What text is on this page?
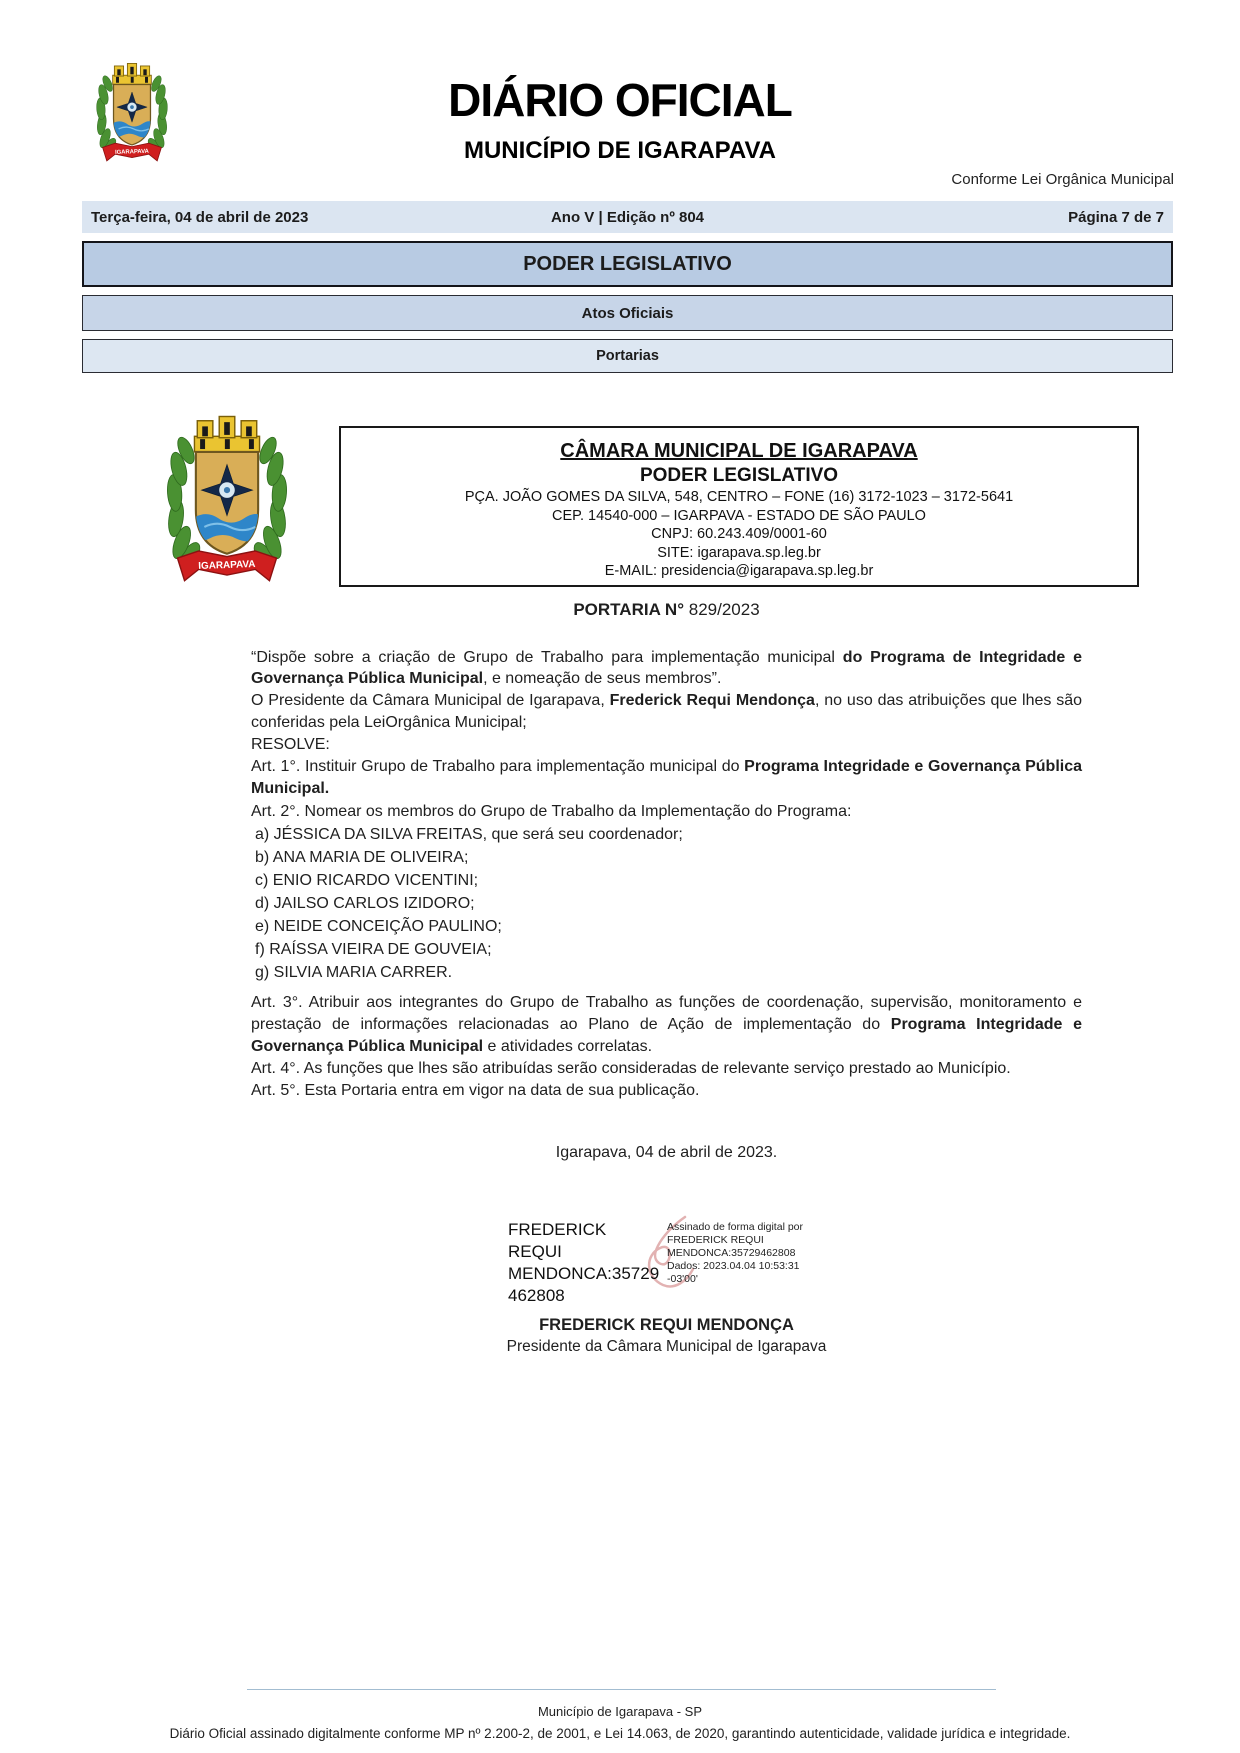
IGARAPAVA
DIÁRIO OFICIAL
MUNICÍPIO DE IGARAPAVA
Conforme Lei Orgânica Municipal
Terça-feira, 04 de abril de 2023	Ano V | Edição nº 804	Página 7 de 7
PODER LEGISLATIVO
Atos Oficiais
Portarias
IGARAPAVA
CÂMARA MUNICIPAL DE IGARAPAVA
PODER LEGISLATIVO
PÇA. JOÃO GOMES DA SILVA, 548, CENTRO – FONE (16) 3172-1023 – 3172-5641
CEP. 14540-000 – IGARPAVA - ESTADO DE SÃO PAULO
CNPJ: 60.243.409/0001-60
SITE: igarapava.sp.leg.br
E-MAIL: presidencia@igarapava.sp.leg.br
PORTARIA N° 829/2023

“Dispõe sobre a criação de Grupo de Trabalho para implementação municipal do Programa de Integridade e Governança Pública Municipal, e nomeação de seus membros”.

O Presidente da Câmara Municipal de Igarapava, Frederick Requi Mendonça, no uso das atribuições que lhes são conferidas pela LeiOrgânica Municipal;

RESOLVE:

Art. 1°. Instituir Grupo de Trabalho para implementação municipal do Programa Integridade e Governança Pública Municipal.

Art. 2°. Nomear os membros do Grupo de Trabalho da Implementação do Programa:
a) JÉSSICA DA SILVA FREITAS, que será seu coordenador;
b) ANA MARIA DE OLIVEIRA;
c) ENIO RICARDO VICENTINI;
d) JAILSO CARLOS IZIDORO;
e) NEIDE CONCEIÇÃO PAULINO;
f) RAÍSSA VIEIRA DE GOUVEIA;
g) SILVIA MARIA CARRER.

Art. 3°. Atribuir aos integrantes do Grupo de Trabalho as funções de coordenação, supervisão, monitoramento e prestação de informações relacionadas ao Plano de Ação de implementação do Programa Integridade e Governança Pública Municipal e atividades correlatas.

Art. 4°. As funções que lhes são atribuídas serão consideradas de relevante serviço prestado ao Município.

Art. 5°. Esta Portaria entra em vigor na data de sua publicação.

Igarapava, 04 de abril de 2023.
FREDERICK REQUI MENDONCA:35729462808
Assinado de forma digital por FREDERICK REQUI MENDONCA:35729462808 Dados: 2023.04.04 10:53:31 -03'00'
FREDERICK REQUI MENDONÇA
Presidente da Câmara Municipal de Igarapava
Município de Igarapava - SP
Diário Oficial assinado digitalmente conforme MP nº 2.200-2, de 2001, e Lei 14.063, de 2020, garantindo autenticidade, validade jurídica e integridade.
